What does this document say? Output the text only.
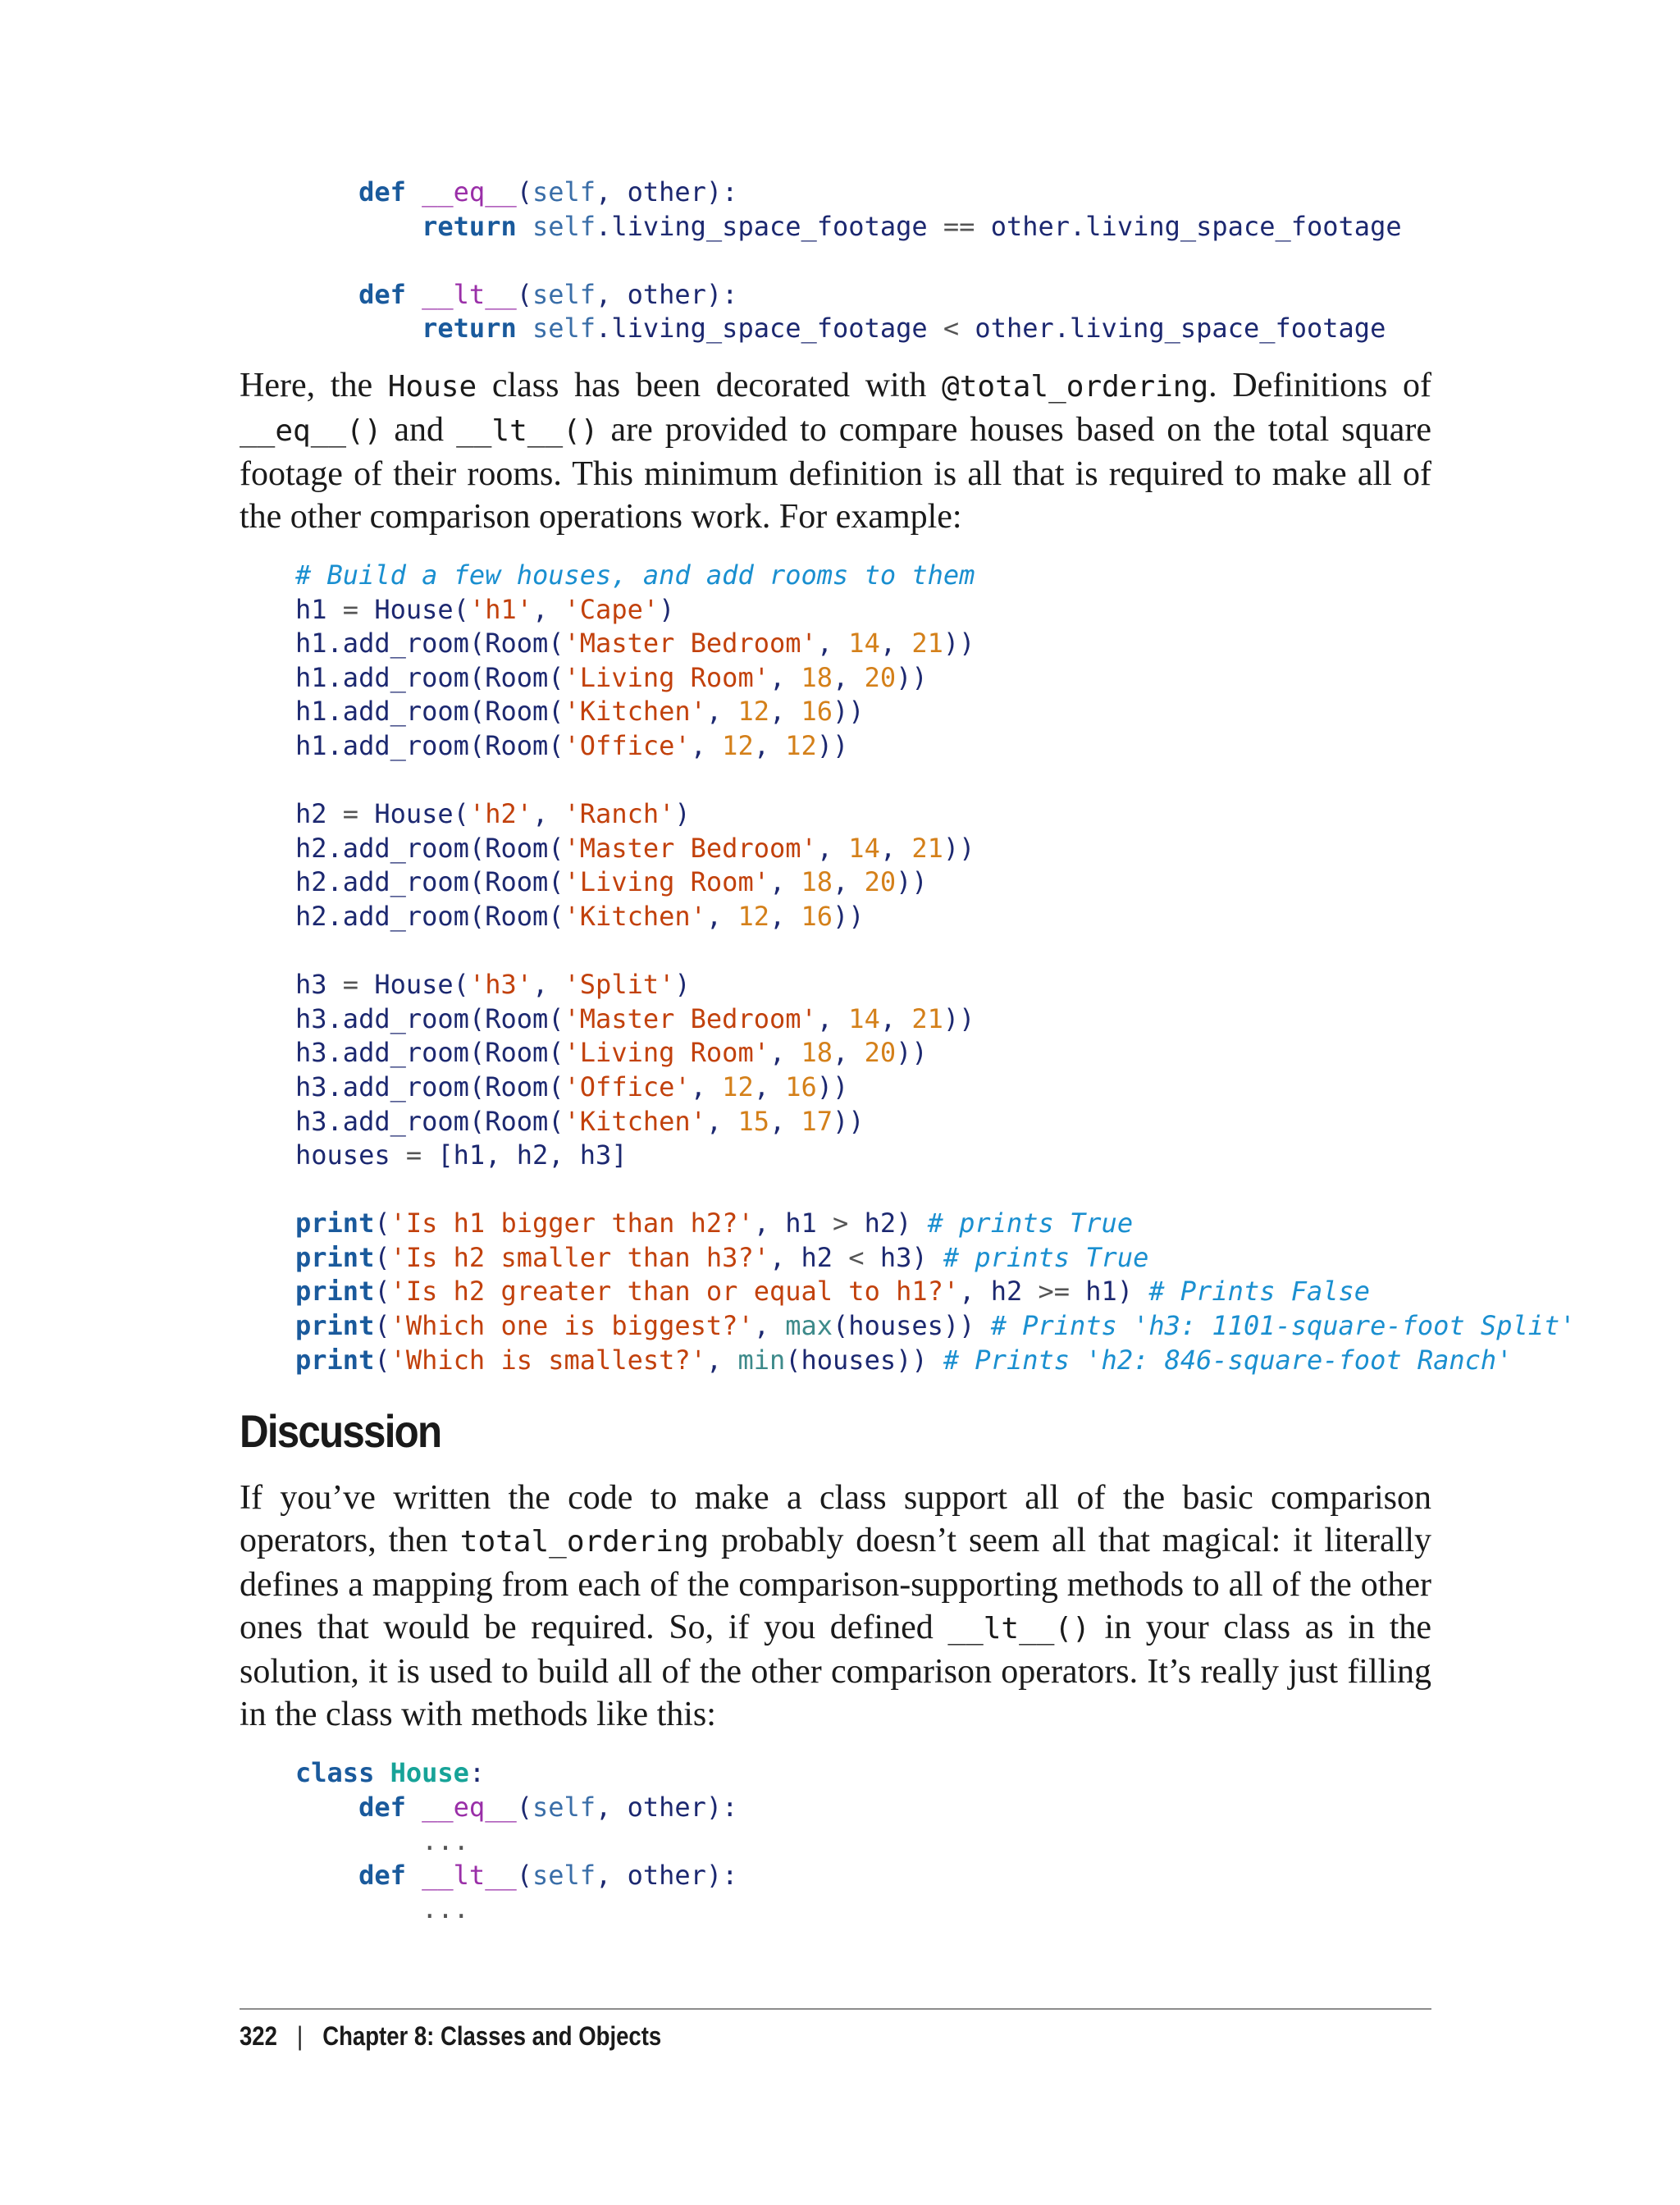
def __eq__(self, other):
return self.living_space_footage == other.living_space_footage
def __lt__(self, other):
return self.living_space_footage < other.living_space_footage

Here, the House class has been decorated with @total_ordering. Definitions of __eq__() and __lt__() are provided to compare houses based on the total square footage of their rooms. This minimum definition is all that is required to make all of the other comparison operations work. For example:

# Build a few houses, and add rooms to them
h1 = House('h1', 'Cape')
h1.add_room(Room('Master Bedroom', 14, 21))
h1.add_room(Room('Living Room', 18, 20))
h1.add_room(Room('Kitchen', 12, 16))
h1.add_room(Room('Office', 12, 12))
h2 = House('h2', 'Ranch')
h2.add_room(Room('Master Bedroom', 14, 21))
h2.add_room(Room('Living Room', 18, 20))
h2.add_room(Room('Kitchen', 12, 16))
h3 = House('h3', 'Split')
h3.add_room(Room('Master Bedroom', 14, 21))
h3.add_room(Room('Living Room', 18, 20))
h3.add_room(Room('Office', 12, 16))
h3.add_room(Room('Kitchen', 15, 17))
houses = [h1, h2, h3]
print('Is h1 bigger than h2?', h1 > h2) # prints True
print('Is h2 smaller than h3?', h2 < h3) # prints True
print('Is h2 greater than or equal to h1?', h2 >= h1) # Prints False
print('Which one is biggest?', max(houses)) # Prints 'h3: 1101-square-foot Split'
print('Which is smallest?', min(houses)) # Prints 'h2: 846-square-foot Ranch'
Discussion

If you’ve written the code to make a class support all of the basic comparison operators, then total_ordering probably doesn’t seem all that magical: it literally defines a mapping from each of the comparison-supporting methods to all of the other ones that would be required. So, if you defined __lt__() in your class as in the solution, it is used to build all of the other comparison operators. It’s really just filling in the class with methods like this:

class House:
def __eq__(self, other):
...
def __lt__(self, other):
...
322 | Chapter 8: Classes and Objects
